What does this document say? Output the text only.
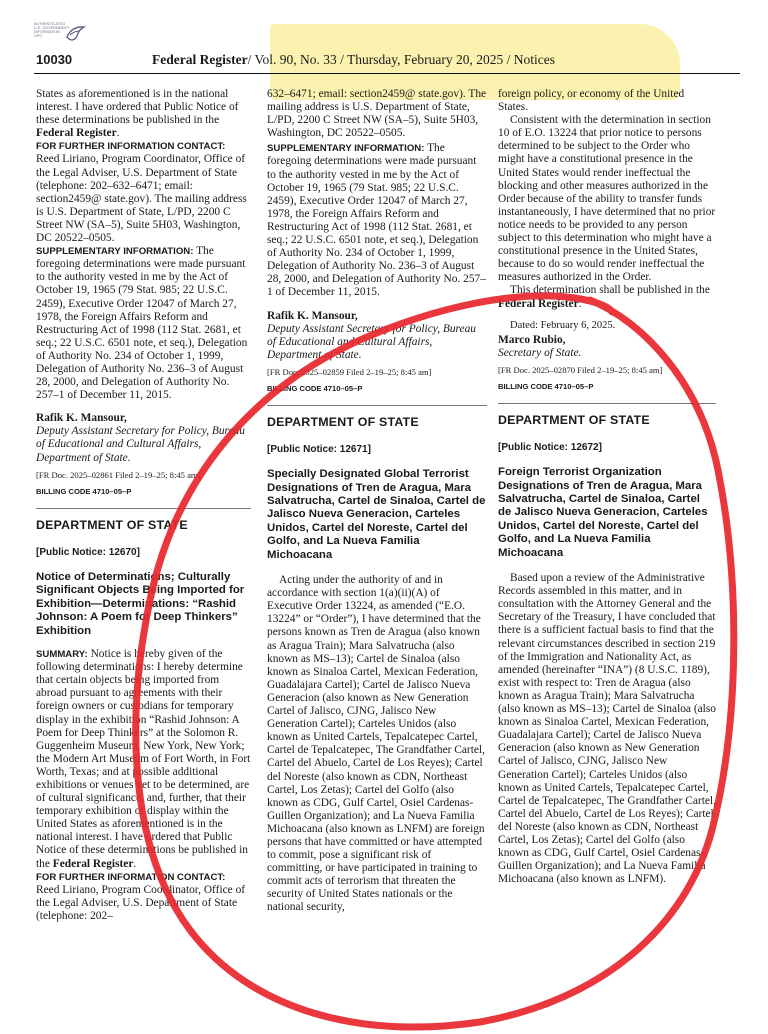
AUTHENTICATED
U.S. GOVERNMENT
INFORMATION
GPO
10030	Federal Register/ Vol. 90, No. 33 / Thursday, February 20, 2025 / Notices

States as aforementioned is in the national interest. I have ordered that Public Notice of these determinations be published in the Federal Register.

FOR FURTHER INFORMATION CONTACT:
Reed Liriano, Program Coordinator, Office of the Legal Adviser, U.S. Department of State (telephone: 202–632–6471; email: section2459@ state.gov). The mailing address is U.S. Department of State, L/PD, 2200 C Street NW (SA–5), Suite 5H03, Washington, DC 20522–0505.

SUPPLEMENTARY INFORMATION: The foregoing determinations were made pursuant to the authority vested in me by the Act of October 19, 1965 (79 Stat. 985; 22 U.S.C. 2459), Executive Order 12047 of March 27, 1978, the Foreign Affairs Reform and Restructuring Act of 1998 (112 Stat. 2681, et seq.; 22 U.S.C. 6501 note, et seq.), Delegation of Authority No. 234 of October 1, 1999, Delegation of Authority No. 236–3 of August 28, 2000, and Delegation of Authority No. 257–1 of December 11, 2015.

Rafik K. Mansour,

Deputy Assistant Secretary for Policy, Bureau of Educational and Cultural Affairs, Department of State.

[FR Doc. 2025–02861 Filed 2–19–25; 8:45 am]

BILLING CODE 4710–05–P

DEPARTMENT OF STATE

[Public Notice: 12670]

Notice of Determinations; Culturally Significant Objects Being Imported for Exhibition—Determinations: “Rashid Johnson: A Poem for Deep Thinkers” Exhibition

SUMMARY: Notice is hereby given of the following determinations: I hereby determine that certain objects being imported from abroad pursuant to agreements with their foreign owners or custodians for temporary display in the exhibition “Rashid Johnson: A Poem for Deep Thinkers” at the Solomon R. Guggenheim Museum, New York, New York; the Modern Art Museum of Fort Worth, in Fort Worth, Texas; and at possible additional exhibitions or venues yet to be determined, are of cultural significance, and, further, that their temporary exhibition or display within the United States as aforementioned is in the national interest. I have ordered that Public Notice of these determinations be published in the Federal Register.

FOR FURTHER INFORMATION CONTACT:
Reed Liriano, Program Coordinator, Office of the Legal Adviser, U.S. Department of State (telephone: 202–

632–6471; email: section2459@ state.gov). The mailing address is U.S. Department of State, L/PD, 2200 C Street NW (SA–5), Suite 5H03, Washington, DC 20522–0505.

SUPPLEMENTARY INFORMATION: The foregoing determinations were made pursuant to the authority vested in me by the Act of October 19, 1965 (79 Stat. 985; 22 U.S.C. 2459), Executive Order 12047 of March 27, 1978, the Foreign Affairs Reform and Restructuring Act of 1998 (112 Stat. 2681, et seq.; 22 U.S.C. 6501 note, et seq.), Delegation of Authority No. 234 of October 1, 1999, Delegation of Authority No. 236–3 of August 28, 2000, and Delegation of Authority No. 257–1 of December 11, 2015.

Rafik K. Mansour,

Deputy Assistant Secretary for Policy, Bureau of Educational and Cultural Affairs, Department of State.

[FR Doc. 2025–02859 Filed 2–19–25; 8:45 am]

BILLING CODE 4710–05–P

DEPARTMENT OF STATE

[Public Notice: 12671]

Specially Designated Global Terrorist Designations of Tren de Aragua, Mara Salvatrucha, Cartel de Sinaloa, Cartel de Jalisco Nueva Generacion, Carteles Unidos, Cartel del Noreste, Cartel del Golfo, and La Nueva Familia Michoacana

Acting under the authority of and in accordance with section 1(a)(ii)(A) of Executive Order 13224, as amended (“E.O. 13224” or “Order”), I have determined that the persons known as Tren de Aragua (also known as Aragua Train); Mara Salvatrucha (also known as MS–13); Cartel de Sinaloa (also known as Sinaloa Cartel, Mexican Federation, Guadalajara Cartel); Cartel de Jalisco Nueva Generacion (also known as New Generation Cartel of Jalisco, CJNG, Jalisco New Generation Cartel); Carteles Unidos (also known as United Cartels, Tepalcatepec Cartel, Cartel de Tepalcatepec, The Grandfather Cartel, Cartel del Abuelo, Cartel de Los Reyes); Cartel del Noreste (also known as CDN, Northeast Cartel, Los Zetas); Cartel del Golfo (also known as CDG, Gulf Cartel, Osiel Cardenas-Guillen Organization); and La Nueva Familia Michoacana (also known as LNFM) are foreign persons that have committed or have attempted to commit, pose a significant risk of committing, or have participated in training to commit acts of terrorism that threaten the security of United States nationals or the national security,

foreign policy, or economy of the United States.

Consistent with the determination in section 10 of E.O. 13224 that prior notice to persons determined to be subject to the Order who might have a constitutional presence in the United States would render ineffectual the blocking and other measures authorized in the Order because of the ability to transfer funds instantaneously, I have determined that no prior notice needs to be provided to any person subject to this determination who might have a constitutional presence in the United States, because to do so would render ineffectual the measures authorized in the Order.

This determination shall be published in the Federal Register.

Dated: February 6, 2025.

Marco Rubio,

Secretary of State.

[FR Doc. 2025–02870 Filed 2–19–25; 8:45 am]

BILLING CODE 4710–05–P

DEPARTMENT OF STATE

[Public Notice: 12672]

Foreign Terrorist Organization Designations of Tren de Aragua, Mara Salvatrucha, Cartel de Sinaloa, Cartel de Jalisco Nueva Generacion, Carteles Unidos, Cartel del Noreste, Cartel del Golfo, and La Nueva Familia Michoacana

Based upon a review of the Administrative Records assembled in this matter, and in consultation with the Attorney General and the Secretary of the Treasury, I have concluded that there is a sufficient factual basis to find that the relevant circumstances described in section 219 of the Immigration and Nationality Act, as amended (hereinafter “INA”) (8 U.S.C. 1189), exist with respect to: Tren de Aragua (also known as Aragua Train); Mara Salvatrucha (also known as MS–13); Cartel de Sinaloa (also known as Sinaloa Cartel, Mexican Federation, Guadalajara Cartel); Cartel de Jalisco Nueva Generacion (also known as New Generation Cartel of Jalisco, CJNG, Jalisco New Generation Cartel); Carteles Unidos (also known as United Cartels, Tepalcatepec Cartel, Cartel de Tepalcatepec, The Grandfather Cartel, Cartel del Abuelo, Cartel de Los Reyes); Cartel del Noreste (also known as CDN, Northeast Cartel, Los Zetas); Cartel del Golfo (also known as CDG, Gulf Cartel, Osiel Cardenas-Guillen Organization); and La Nueva Familia Michoacana (also known as LNFM).
